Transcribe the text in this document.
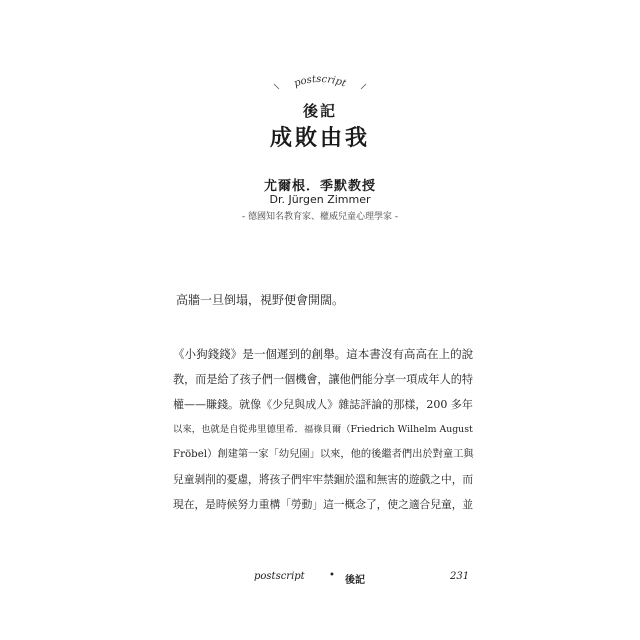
postscript
後記
成敗由我
尤爾根．季默教授
Dr. Jürgen Zimmer
- 德國知名教育家、權威兒童心理學家 -
高牆一旦倒塌，視野便會開闊。
《小狗錢錢》是一個遲到的創舉。這本書沒有高高在上的說
教，而是給了孩子們一個機會，讓他們能分享一項成年人的特
權——賺錢。就像《少兒與成人》雜誌評論的那樣，200 多年
以來，也就是自從弗里德里希．福祿貝爾（Friedrich Wilhelm August
Fröbel）創建第一家「幼兒園」以來，他的後繼者們出於對童工與
兒童剝削的憂慮，將孩子們牢牢禁錮於溫和無害的遊戲之中，而
現在，是時候努力重構「勞動」這一概念了，使之適合兒童，並
postscript • 後記	231
